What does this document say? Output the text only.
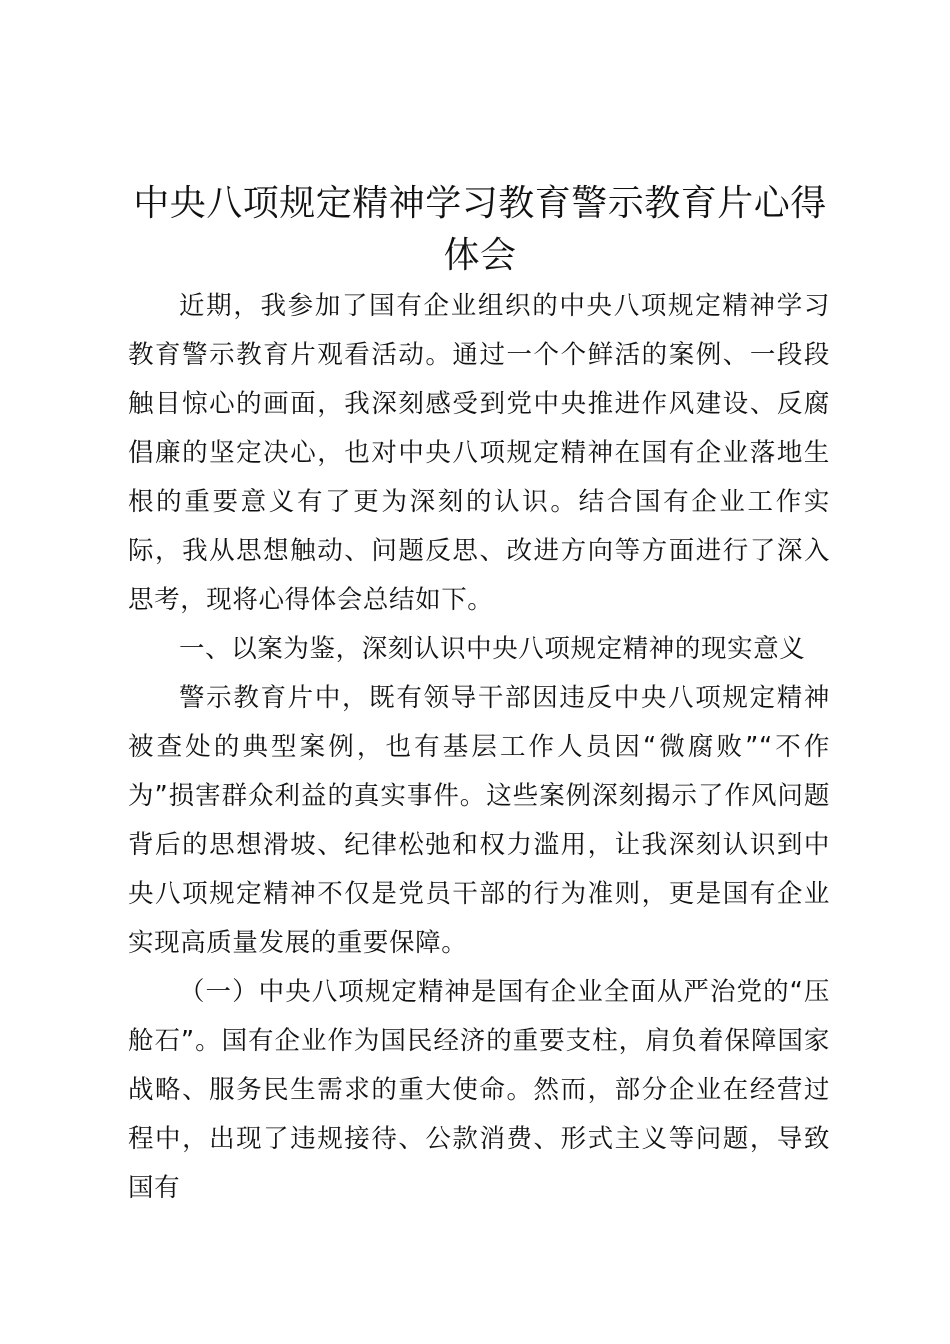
中央八项规定精神学习教育警示教育片心得体会

近期，我参加了国有企业组织的中央八项规定精神学习教育警示教育片观看活动。通过一个个鲜活的案例、一段段触目惊心的画面，我深刻感受到党中央推进作风建设、反腐倡廉的坚定决心，也对中央八项规定精神在国有企业落地生根的重要意义有了更为深刻的认识。结合国有企业工作实际，我从思想触动、问题反思、改进方向等方面进行了深入思考，现将心得体会总结如下。

一、以案为鉴，深刻认识中央八项规定精神的现实意义

警示教育片中，既有领导干部因违反中央八项规定精神被查处的典型案例，也有基层工作人员因“微腐败”“不作为”损害群众利益的真实事件。这些案例深刻揭示了作风问题背后的思想滑坡、纪律松弛和权力滥用，让我深刻认识到中央八项规定精神不仅是党员干部的行为准则，更是国有企业实现高质量发展的重要保障。

（一）中央八项规定精神是国有企业全面从严治党的“压舱石”。国有企业作为国民经济的重要支柱，肩负着保障国家战略、服务民生需求的重大使命。然而，部分企业在经营过程中，出现了违规接待、公款消费、形式主义等问题，导致国有
